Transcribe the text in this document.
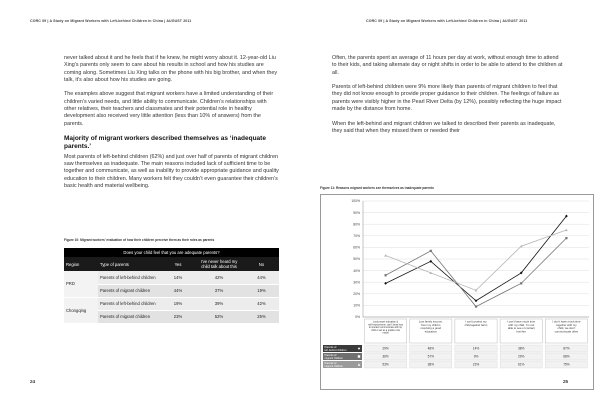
CORC 09 | A Study on Migrant Workers with Left-behind Children in China | AUGUST 2011

never talked about it and he feels that if he knew, he might worry about it. 12-year-old Liu Xing’s parents only seem to care about his results in school and how his studies are coming along. Sometimes Liu Xing talks on the phone with his big brother, and when they talk, it’s also about how his studies are going.

The examples above suggest that migrant workers have a limited understanding of their children’s varied needs, and little ability to communicate. Children’s relationships with other relatives, their teachers and classmates and their potential role in healthy development also received very little attention (less than 10% of answers) from the parents.

Majority of migrant workers described themselves as ‘inadequate parents.’

Most parents of left-behind children (62%) and just over half of parents of migrant children saw themselves as inadequate. The main reasons included lack of sufficient time to be together and communicate, as well as inability to provide appropriate guidance and quality education to their children. Many workers felt they couldn’t even guarantee their children’s basic health and material wellbeing.

Figure 10: Migrant workers’ evaluation of how their children perceive them as their roles as parents
Does your child feel that you are adequate parents?				
Region	Type of parents	Yes	I’ve never heard my child talk about this	No
PRD	Parents of left-behind children	14%	42%	44%
	Parents of migrant children	44%	37%	19%
Chongqing	Parents of left-behind children	19%	39%	42%
	Parents of migrant children	23%	52%	25%
24
CORC 09 | A Study on Migrant Workers with Left-behind Children in China | AUGUST 2011

Often, the parents spent an average of 11 hours per day at work, without enough time to attend to their kids, and taking alternate day or night shifts in order to be able to attend to the children at all.

Parents of left-behind children were 9% more likely than parents of migrant children to feel that they did not know enough to provide proper guidance to their children. The feelings of failure as parents were visibly higher in the Pearl River Delta (by 12%), possibly reflecting the huge impact made by the distance from home.

When the left-behind and migrant children we talked to described their parents as inadequate, they said that when they missed them or needed their

Figure 11: Reasons migrant workers see themselves as inadequate parents
0%
10%
20%
30%
40%
50%
60%
70%
80%
90%
100%
Lack proper education & self-improvement, don’t know how to interact/ communicate with my child or act as a positive role model
Low family income, from my child is receiving a good education
I can’t protect my child against harm
I can’t have much time with my child, I’m not able to see or contact him/her
I don’t have much time together with my child, we don’t communicate often
Parents of left-behind children	29%	48%	14%	38%	87%
Parents of migrant children	36%	57%	9%	29%	68%
Parents of migrant children	53%	38%	23%	61%	75%
25
